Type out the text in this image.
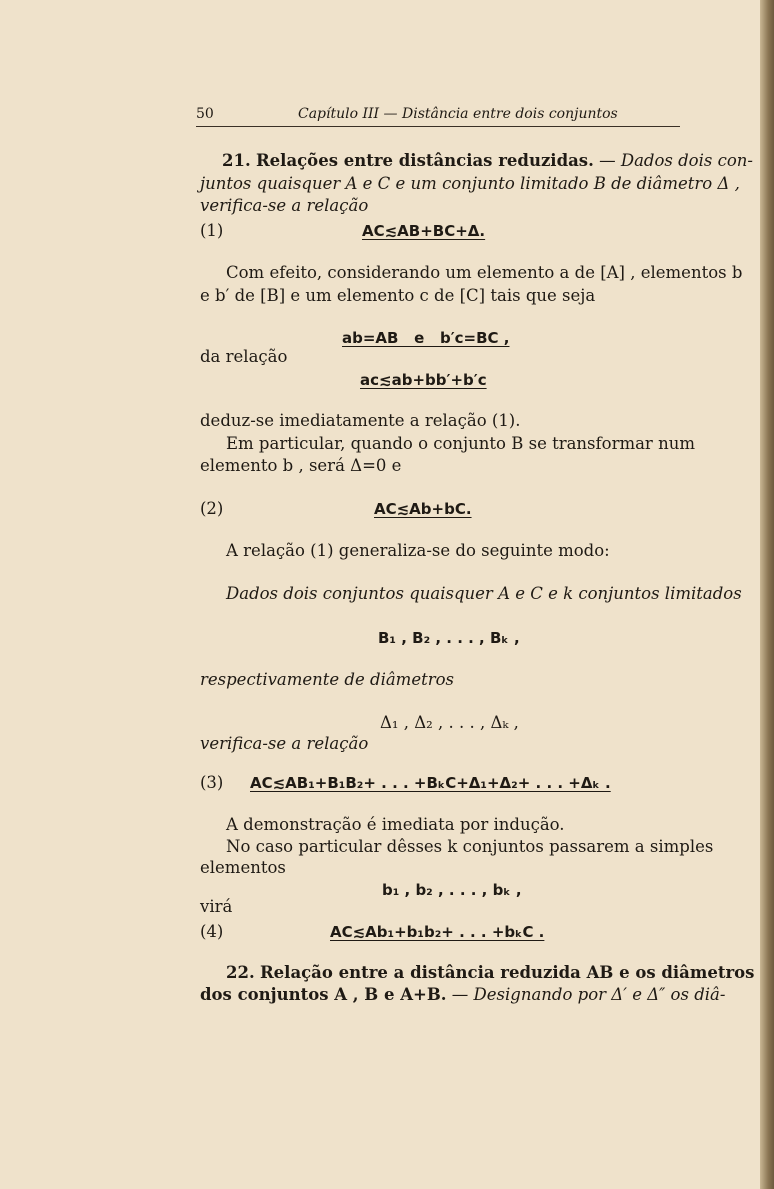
50	Capítulo III — Distância entre dois conjuntos
21. Relações entre distâncias reduzidas. — Dados dois con-
juntos quaisquer A e C e um conjunto limitado B de diâmetro Δ ,
verifica-se a relação
(1)	AC≲AB+BC+Δ.
Com efeito, considerando um elemento a de [A] , elementos b
e b′ de [B] e um elemento c de [C] tais que seja
ab=AB   e   b′c=BC ,
da relação
ac≲ab+bb′+b′c
deduz-se imediatamente a relação (1).
Em particular, quando o conjunto B se transformar num
elemento b , será Δ=0 e
(2)	AC≲Ab+bC.
A relação (1) generaliza-se do seguinte modo:
Dados dois conjuntos quaisquer A e C e k conjuntos limitados
B₁ , B₂ , . . . , Bₖ ,
respectivamente de diâmetros
Δ₁ , Δ₂ , . . . , Δₖ ,
verifica-se a relação
(3) AC≲AB₁+B₁B₂+ . . . +BₖC+Δ₁+Δ₂+ . . . +Δₖ .
A demonstração é imediata por indução.
No caso particular dêsses k conjuntos passarem a simples
elementos
b₁ , b₂ , . . . , bₖ ,
virá
(4)	AC≲Ab₁+b₁b₂+ . . . +bₖC .
22. Relação entre a distância reduzida AB e os diâmetros
dos conjuntos A , B e A+B. — Designando por Δ′ e Δ″ os diâ-
